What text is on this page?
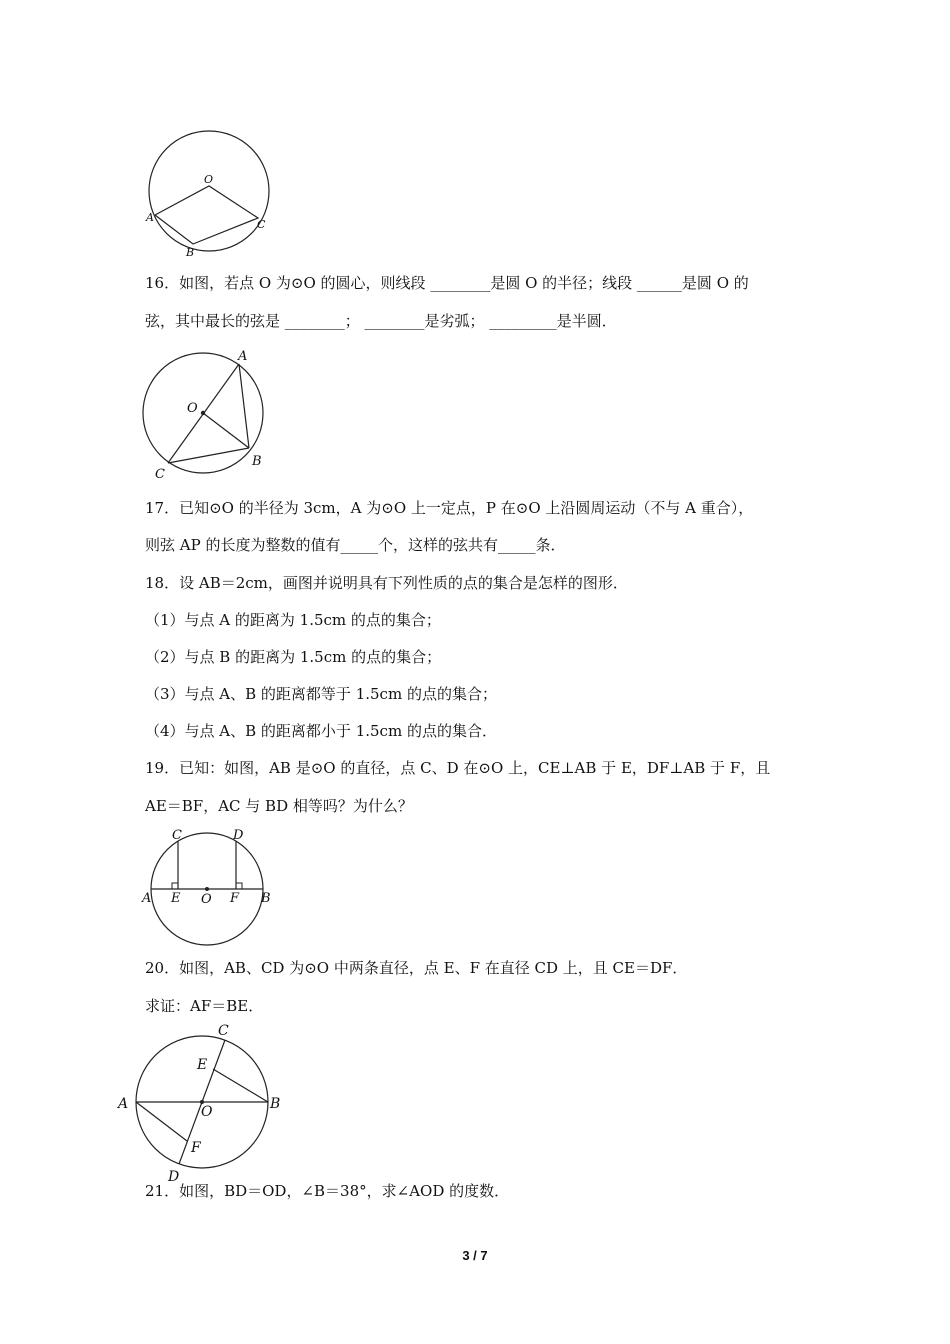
O
A
B
C
16．如图，若点 O 为⊙O 的圆心，则线段 ________是圆 O 的半径；线段 ______是圆 O 的
弦，其中最长的弦是 ________； ________是劣弧； _________是半圆．
A
O
B
C
17．已知⊙O 的半径为 3cm，A 为⊙O 上一定点，P 在⊙O 上沿圆周运动（不与 A 重合），
则弦 AP 的长度为整数的值有_____个，这样的弦共有_____条．
18．设 AB＝2cm，画图并说明具有下列性质的点的集合是怎样的图形．
（1）与点 A 的距离为 1.5cm 的点的集合；
（2）与点 B 的距离为 1.5cm 的点的集合；
（3）与点 A、B 的距离都等于 1.5cm 的点的集合；
（4）与点 A、B 的距离都小于 1.5cm 的点的集合．
19．已知：如图，AB 是⊙O 的直径，点 C、D 在⊙O 上，CE⊥AB 于 E，DF⊥AB 于 F，且
AE＝BF，AC 与 BD 相等吗？为什么？
C	D
A E O F B
20．如图，AB、CD 为⊙O 中两条直径，点 E、F 在直径 CD 上，且 CE＝DF．
求证：AF＝BE．
C
E
A	O	B
F
D
21．如图，BD＝OD，∠B＝38°，求∠AOD 的度数．
3 / 7
